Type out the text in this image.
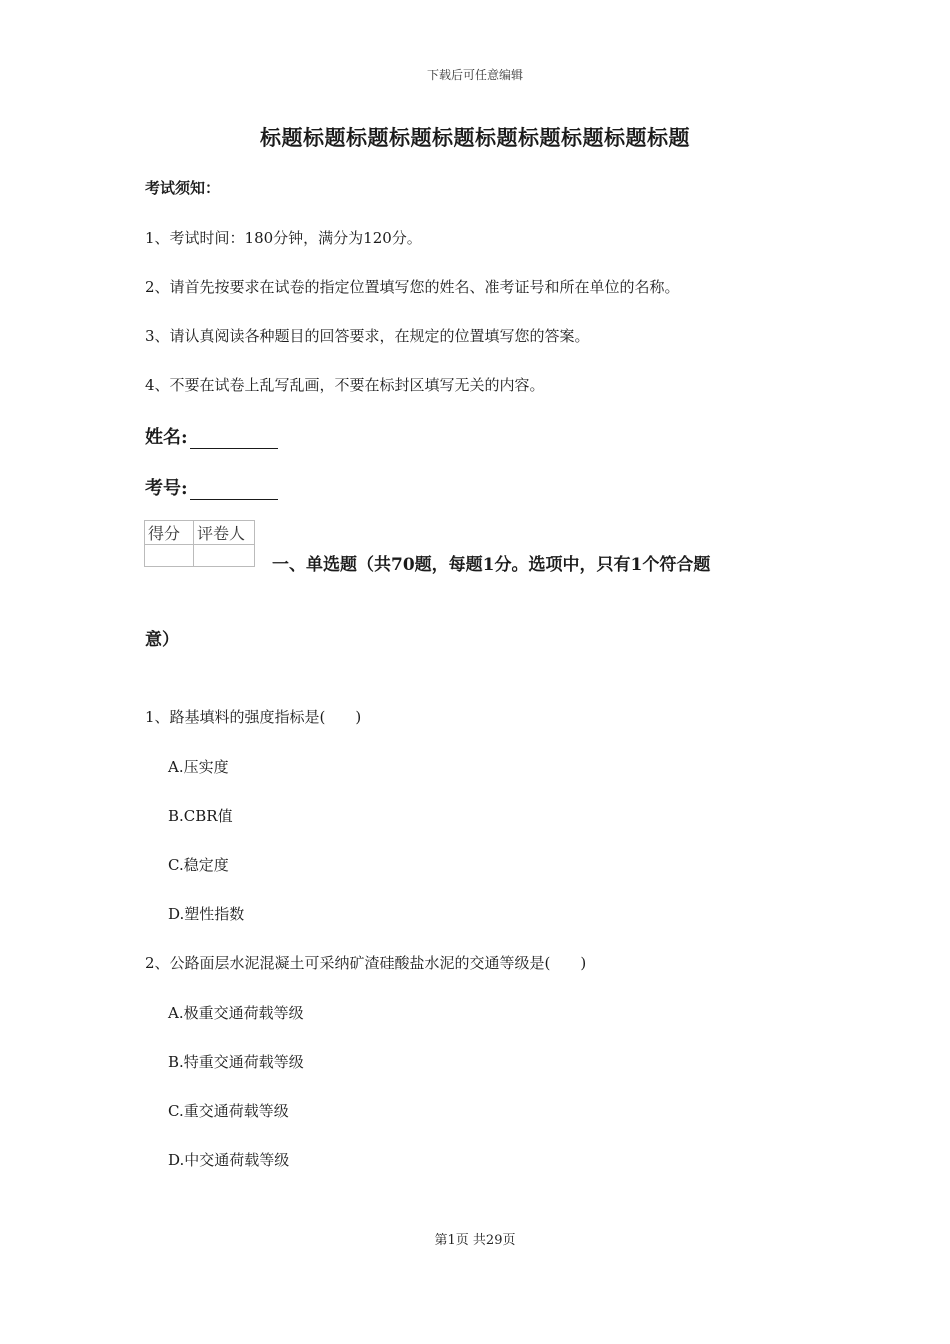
下载后可任意编辑
标题标题标题标题标题标题标题标题标题标题
考试须知：
1、考试时间：180分钟，满分为120分。
2、请首先按要求在试卷的指定位置填写您的姓名、准考证号和所在单位的名称。
3、请认真阅读各种题目的回答要求，在规定的位置填写您的答案。
4、不要在试卷上乱写乱画，不要在标封区填写无关的内容。
姓名:
考号:
得分	评卷人

一、单选题（共70题，每题1分。选项中，只有1个符合题
意）
1、路基填料的强度指标是(　　)
A.压实度
B.CBR值
C.稳定度
D.塑性指数
2、公路面层水泥混凝土可采纳矿渣硅酸盐水泥的交通等级是(　　)
A.极重交通荷载等级
B.特重交通荷载等级
C.重交通荷载等级
D.中交通荷载等级
第1页 共29页
